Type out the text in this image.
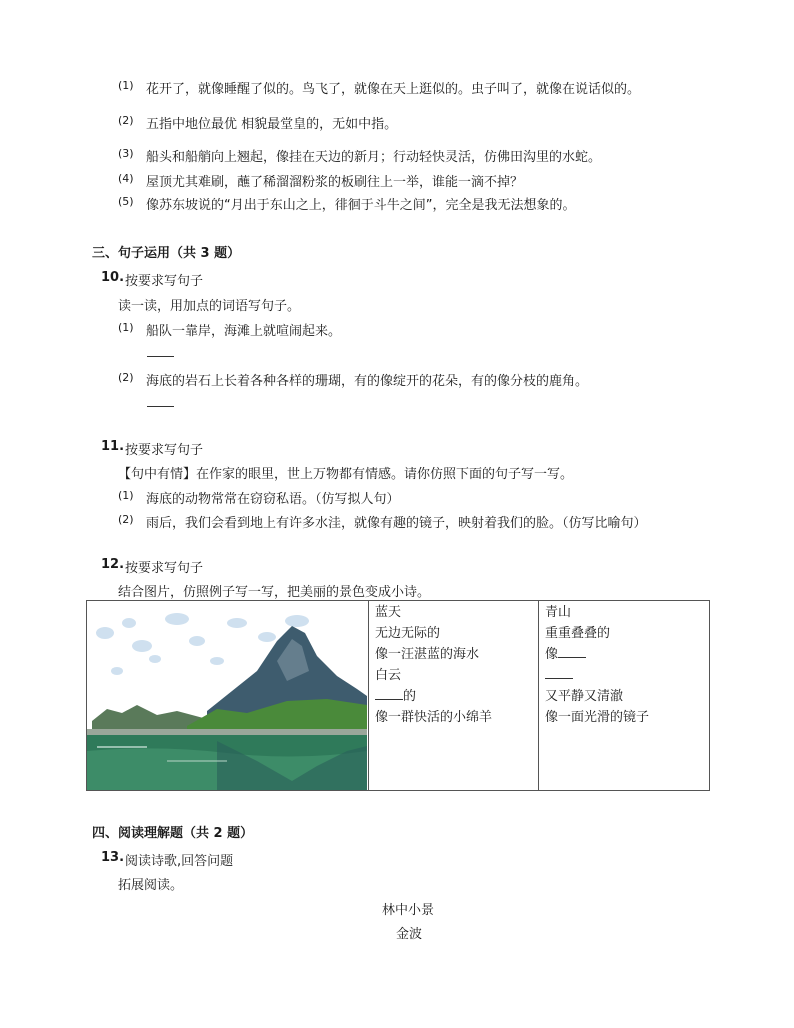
(1) 花开了，就像睡醒了似的。鸟飞了，就像在天上逛似的。虫子叫了，就像在说话似的。
(2) 五指中地位最优 相貌最堂皇的，无如中指。
(3) 船头和船艄向上翘起，像挂在天边的新月；行动轻快灵活，仿佛田沟里的水蛇。
(4) 屋顶尤其难刷，蘸了稀溜溜粉浆的板刷往上一举，谁能一滴不掉？
(5) 像苏东坡说的“月出于东山之上，徘徊于斗牛之间”，完全是我无法想象的。
三、句子运用（共 3 题）
10. 按要求写句子
读一读，用加点的词语写句子。
(1) 船队一靠岸，海滩上就喧闹起来。
(2) 海底的岩石上长着各种各样的珊瑚，有的像绽开的花朵，有的像分枝的鹿角。
11. 按要求写句子
【句中有情】在作家的眼里，世上万物都有情感。请你仿照下面的句子写一写。
(1) 海底的动物常常在窃窃私语。（仿写拟人句）
(2) 雨后，我们会看到地上有许多水洼，就像有趣的镜子，映射着我们的脸。（仿写比喻句）
12. 按要求写句子
结合图片，仿照例子写一写，把美丽的景色变成小诗。

蓝天
无边无际的
像一汪湛蓝的海水
白云
的
像一群快活的小绵羊

青山
重重叠叠的
像
又平静又清澈
像一面光滑的镜子
四、阅读理解题（共 2 题）
13. 阅读诗歌,回答问题
拓展阅读。
林中小景
金波
